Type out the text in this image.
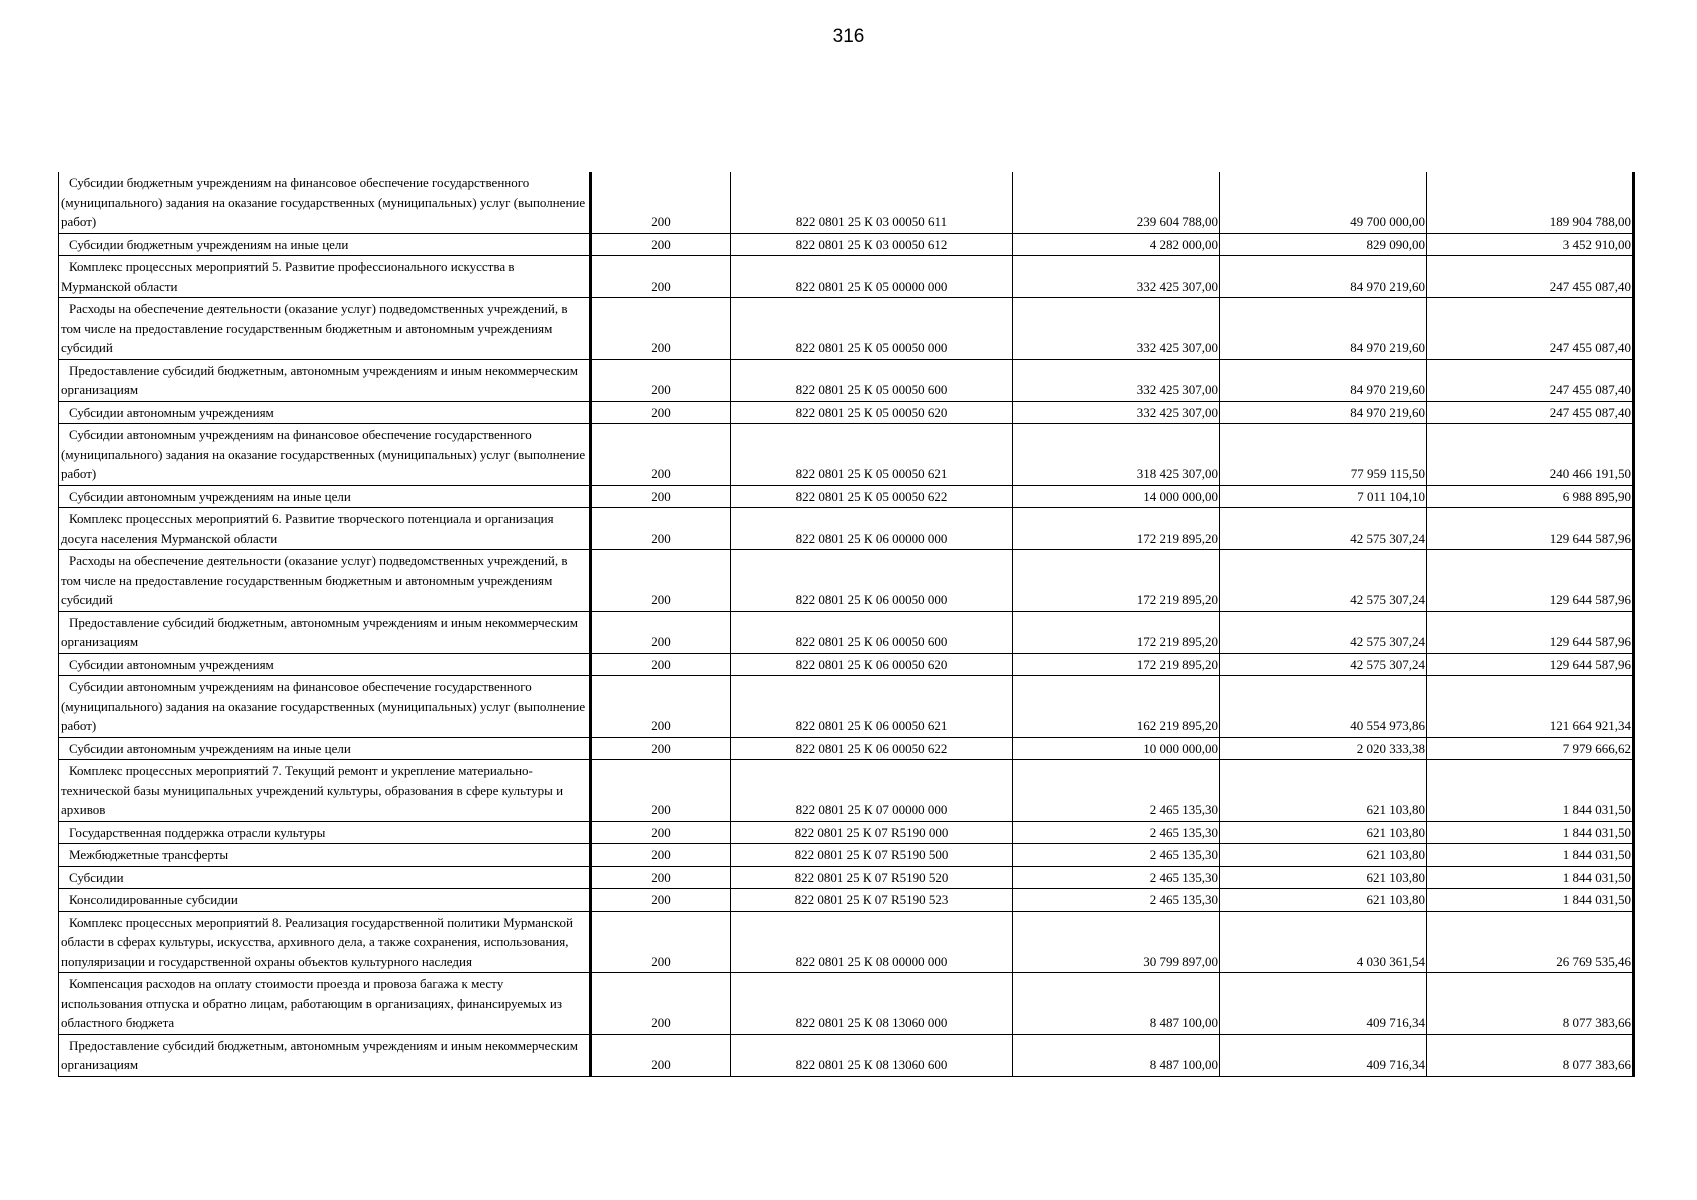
316
Субсидии бюджетным учреждениям на финансовое обеспечение государственного (муниципального) задания на оказание государственных (муниципальных) услуг (выполнение работ)	200	822 0801 25 К 03 00050 611	239 604 788,00	49 700 000,00	189 904 788,00
Субсидии бюджетным учреждениям на иные цели	200	822 0801 25 К 03 00050 612	4 282 000,00	829 090,00	3 452 910,00
Комплекс процессных мероприятий 5. Развитие профессионального искусства в Мурманской области	200	822 0801 25 К 05 00000 000	332 425 307,00	84 970 219,60	247 455 087,40
Расходы на обеспечение деятельности (оказание услуг) подведомственных учреждений, в том числе на предоставление государственным бюджетным и автономным учреждениям субсидий	200	822 0801 25 К 05 00050 000	332 425 307,00	84 970 219,60	247 455 087,40
Предоставление субсидий бюджетным, автономным учреждениям и иным некоммерческим организациям	200	822 0801 25 К 05 00050 600	332 425 307,00	84 970 219,60	247 455 087,40
Субсидии автономным учреждениям	200	822 0801 25 К 05 00050 620	332 425 307,00	84 970 219,60	247 455 087,40
Субсидии автономным учреждениям на финансовое обеспечение государственного (муниципального) задания на оказание государственных (муниципальных) услуг (выполнение работ)	200	822 0801 25 К 05 00050 621	318 425 307,00	77 959 115,50	240 466 191,50
Субсидии автономным учреждениям на иные цели	200	822 0801 25 К 05 00050 622	14 000 000,00	7 011 104,10	6 988 895,90
Комплекс процессных мероприятий 6. Развитие творческого потенциала и организация досуга населения Мурманской области	200	822 0801 25 К 06 00000 000	172 219 895,20	42 575 307,24	129 644 587,96
Расходы на обеспечение деятельности (оказание услуг) подведомственных учреждений, в том числе на предоставление государственным бюджетным и автономным учреждениям субсидий	200	822 0801 25 К 06 00050 000	172 219 895,20	42 575 307,24	129 644 587,96
Предоставление субсидий бюджетным, автономным учреждениям и иным некоммерческим организациям	200	822 0801 25 К 06 00050 600	172 219 895,20	42 575 307,24	129 644 587,96
Субсидии автономным учреждениям	200	822 0801 25 К 06 00050 620	172 219 895,20	42 575 307,24	129 644 587,96
Субсидии автономным учреждениям на финансовое обеспечение государственного (муниципального) задания на оказание государственных (муниципальных) услуг (выполнение работ)	200	822 0801 25 К 06 00050 621	162 219 895,20	40 554 973,86	121 664 921,34
Субсидии автономным учреждениям на иные цели	200	822 0801 25 К 06 00050 622	10 000 000,00	2 020 333,38	7 979 666,62
Комплекс процессных мероприятий 7. Текущий ремонт и укрепление материально-технической базы муниципальных учреждений культуры, образования в сфере культуры и архивов	200	822 0801 25 К 07 00000 000	2 465 135,30	621 103,80	1 844 031,50
Государственная поддержка отрасли культуры	200	822 0801 25 К 07 R5190 000	2 465 135,30	621 103,80	1 844 031,50
Межбюджетные трансферты	200	822 0801 25 К 07 R5190 500	2 465 135,30	621 103,80	1 844 031,50
Субсидии	200	822 0801 25 К 07 R5190 520	2 465 135,30	621 103,80	1 844 031,50
Консолидированные субсидии	200	822 0801 25 К 07 R5190 523	2 465 135,30	621 103,80	1 844 031,50
Комплекс процессных мероприятий 8. Реализация государственной политики Мурманской области в сферах культуры, искусства, архивного дела, а также сохранения, использования, популяризации и государственной охраны объектов культурного наследия	200	822 0801 25 К 08 00000 000	30 799 897,00	4 030 361,54	26 769 535,46
Компенсация расходов на оплату стоимости проезда и провоза багажа к месту использования отпуска и обратно лицам, работающим в организациях, финансируемых из областного бюджета	200	822 0801 25 К 08 13060 000	8 487 100,00	409 716,34	8 077 383,66
Предоставление субсидий бюджетным, автономным учреждениям и иным некоммерческим организациям	200	822 0801 25 К 08 13060 600	8 487 100,00	409 716,34	8 077 383,66
